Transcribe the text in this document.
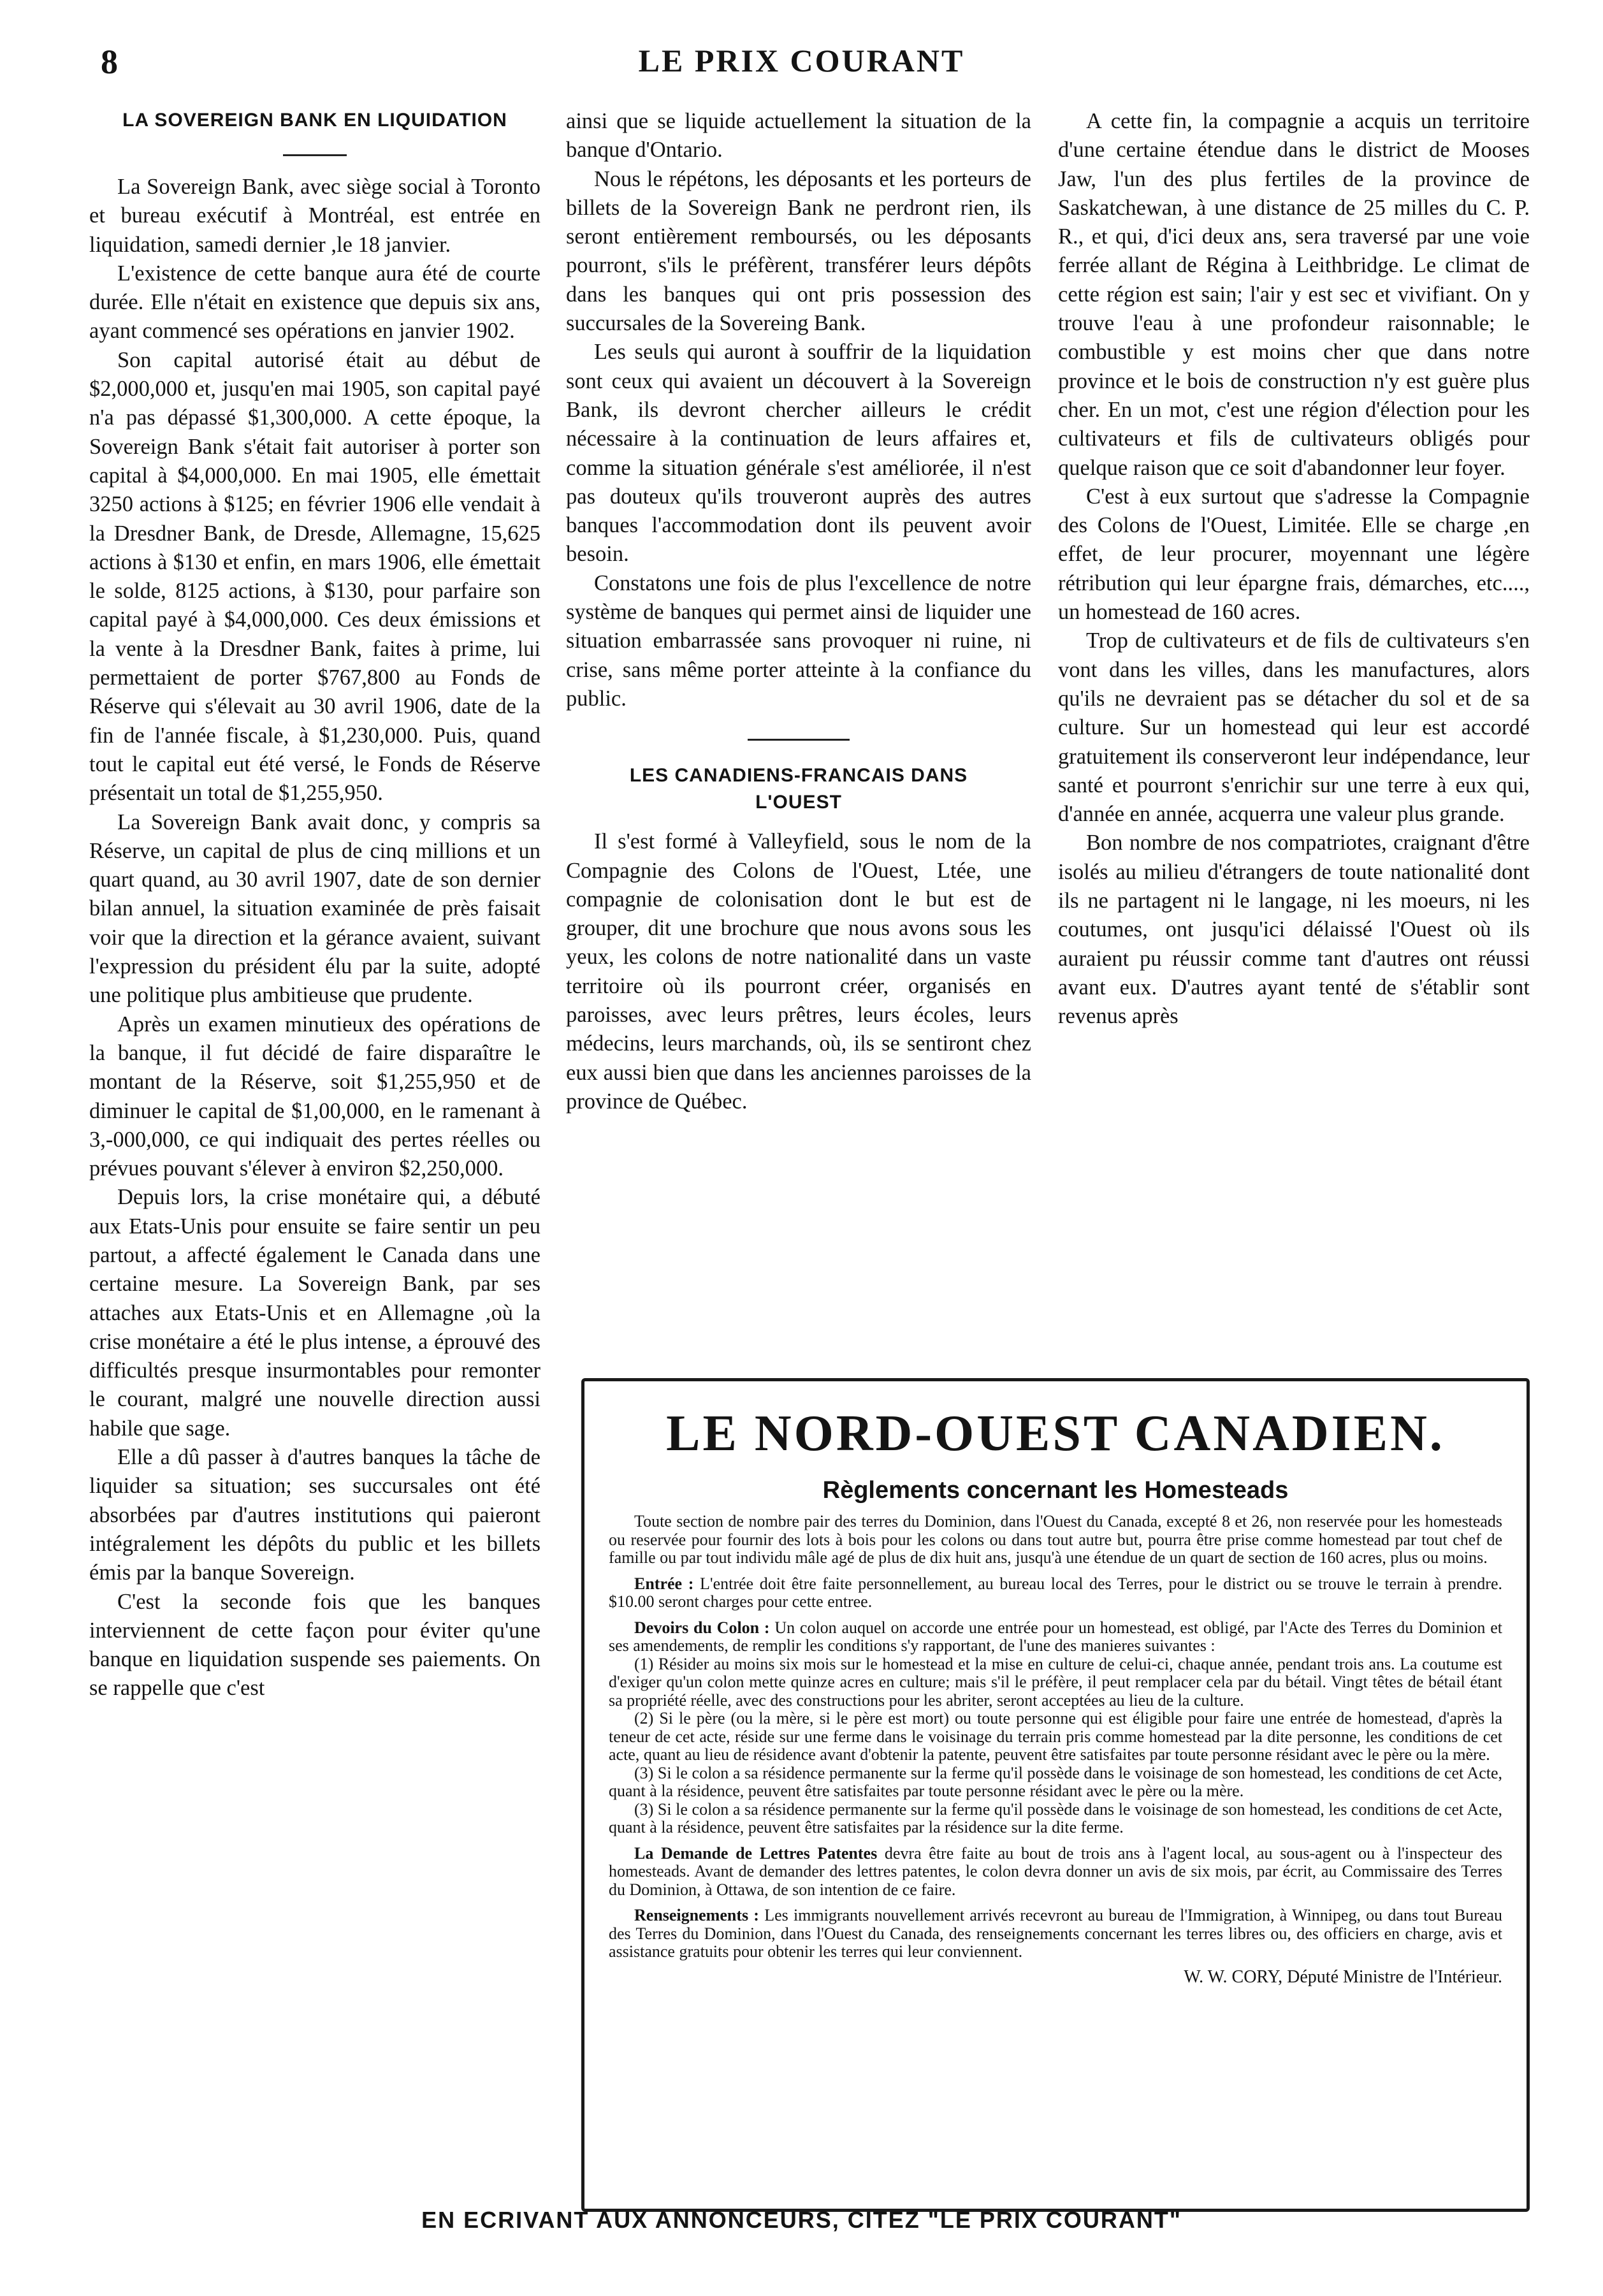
8	LE PRIX COURANT
LA SOVEREIGN BANK EN LIQUIDATION

La Sovereign Bank, avec siège social à Toronto et bureau exécutif à Montréal, est entrée en liquidation, samedi dernier ,le 18 janvier.

L'existence de cette banque aura été de courte durée. Elle n'était en existence que depuis six ans, ayant commencé ses opérations en janvier 1902.

Son capital autorisé était au début de $2,000,000 et, jusqu'en mai 1905, son capital payé n'a pas dépassé $1,300,000. A cette époque, la Sovereign Bank s'était fait autoriser à porter son capital à $4,000,000. En mai 1905, elle émettait 3250 actions à $125; en février 1906 elle vendait à la Dresdner Bank, de Dresde, Allemagne, 15,625 actions à $130 et enfin, en mars 1906, elle émettait le solde, 8125 actions, à $130, pour parfaire son capital payé à $4,000,000. Ces deux émissions et la vente à la Dresdner Bank, faites à prime, lui permettaient de porter $767,800 au Fonds de Réserve qui s'élevait au 30 avril 1906, date de la fin de l'année fiscale, à $1,230,000. Puis, quand tout le capital eut été versé, le Fonds de Réserve présentait un total de $1,255,950.

La Sovereign Bank avait donc, y compris sa Réserve, un capital de plus de cinq millions et un quart quand, au 30 avril 1907, date de son dernier bilan annuel, la situation examinée de près faisait voir que la direction et la gérance avaient, suivant l'expression du président élu par la suite, adopté une politique plus ambitieuse que prudente.

Après un examen minutieux des opérations de la banque, il fut décidé de faire disparaître le montant de la Réserve, soit $1,255,950 et de diminuer le capital de $1,00,000, en le ramenant à 3,-000,000, ce qui indiquait des pertes réelles ou prévues pouvant s'élever à environ $2,250,000.

Depuis lors, la crise monétaire qui, a débuté aux Etats-Unis pour ensuite se faire sentir un peu partout, a affecté également le Canada dans une certaine mesure. La Sovereign Bank, par ses attaches aux Etats-Unis et en Allemagne ,où la crise monétaire a été le plus intense, a éprouvé des difficultés presque insurmontables pour remonter le courant, malgré une nouvelle direction aussi habile que sage.

Elle a dû passer à d'autres banques la tâche de liquider sa situation; ses succursales ont été absorbées par d'autres institutions qui paieront intégralement les dépôts du public et les billets émis par la banque Sovereign.

C'est la seconde fois que les banques interviennent de cette façon pour éviter qu'une banque en liquidation suspende ses paiements. On se rappelle que c'est

ainsi que se liquide actuellement la situation de la banque d'Ontario.

Nous le répétons, les déposants et les porteurs de billets de la Sovereign Bank ne perdront rien, ils seront entièrement remboursés, ou les déposants pourront, s'ils le préfèrent, transférer leurs dépôts dans les banques qui ont pris possession des succursales de la Sovereing Bank.

Les seuls qui auront à souffrir de la liquidation sont ceux qui avaient un découvert à la Sovereign Bank, ils devront chercher ailleurs le crédit nécessaire à la continuation de leurs affaires et, comme la situation générale s'est améliorée, il n'est pas douteux qu'ils trouveront auprès des autres banques l'accommodation dont ils peuvent avoir besoin.

Constatons une fois de plus l'excellence de notre système de banques qui permet ainsi de liquider une situation embarrassée sans provoquer ni ruine, ni crise, sans même porter atteinte à la confiance du public.

LES CANADIENS-FRANCAIS DANS L'OUEST

Il s'est formé à Valleyfield, sous le nom de la Compagnie des Colons de l'Ouest, Ltée, une compagnie de colonisation dont le but est de grouper, dit une brochure que nous avons sous les yeux, les colons de notre nationalité dans un vaste territoire où ils pourront créer, organisés en paroisses, avec leurs prêtres, leurs écoles, leurs médecins, leurs marchands, où, ils se sentiront chez eux aussi bien que dans les anciennes paroisses de la province de Québec.

A cette fin, la compagnie a acquis un territoire d'une certaine étendue dans le district de Mooses Jaw, l'un des plus fertiles de la province de Saskatchewan, à une distance de 25 milles du C. P. R., et qui, d'ici deux ans, sera traversé par une voie ferrée allant de Régina à Leithbridge. Le climat de cette région est sain; l'air y est sec et vivifiant. On y trouve l'eau à une profondeur raisonnable; le combustible y est moins cher que dans notre province et le bois de construction n'y est guère plus cher. En un mot, c'est une région d'élection pour les cultivateurs et fils de cultivateurs obligés pour quelque raison que ce soit d'abandonner leur foyer.

C'est à eux surtout que s'adresse la Compagnie des Colons de l'Ouest, Limitée. Elle se charge ,en effet, de leur procurer, moyennant une légère rétribution qui leur épargne frais, démarches, etc...., un homestead de 160 acres.

Trop de cultivateurs et de fils de cultivateurs s'en vont dans les villes, dans les manufactures, alors qu'ils ne devraient pas se détacher du sol et de sa culture. Sur un homestead qui leur est accordé gratuitement ils conserveront leur indépendance, leur santé et pourront s'enrichir sur une terre à eux qui, d'année en année, acquerra une valeur plus grande.

Bon nombre de nos compatriotes, craignant d'être isolés au milieu d'étrangers de toute nationalité dont ils ne partagent ni le langage, ni les moeurs, ni les coutumes, ont jusqu'ici délaissé l'Ouest où ils auraient pu réussir comme tant d'autres ont réussi avant eux. D'autres ayant tenté de s'établir sont revenus après

LE NORD-OUEST CANADIEN.
Règlements concernant les Homesteads

Toute section de nombre pair des terres du Dominion, dans l'Ouest du Canada, excepté 8 et 26, non reservée pour les homesteads ou reservée pour fournir des lots à bois pour les colons ou dans tout autre but, pourra être prise comme homestead par tout chef de famille ou par tout individu mâle agé de plus de dix huit ans, jusqu'à une étendue de un quart de section de 160 acres, plus ou moins.

Entrée : L'entrée doit être faite personnellement, au bureau local des Terres, pour le district ou se trouve le terrain à prendre. $10.00 seront charges pour cette entree.

Devoirs du Colon : Un colon auquel on accorde une entrée pour un homestead, est obligé, par l'Acte des Terres du Dominion et ses amendements, de remplir les conditions s'y rapportant, de l'une des manieres suivantes :

(1) Résider au moins six mois sur le homestead et la mise en culture de celui-ci, chaque année, pendant trois ans. La coutume est d'exiger qu'un colon mette quinze acres en culture; mais s'il le préfère, il peut remplacer cela par du bétail. Vingt têtes de bétail étant sa propriété réelle, avec des constructions pour les abriter, seront acceptées au lieu de la culture.

(2) Si le père (ou la mère, si le père est mort) ou toute personne qui est éligible pour faire une entrée de homestead, d'après la teneur de cet acte, réside sur une ferme dans le voisinage du terrain pris comme homestead par la dite personne, les conditions de cet acte, quant au lieu de résidence avant d'obtenir la patente, peuvent être satisfaites par toute personne résidant avec le père ou la mère.

(3) Si le colon a sa résidence permanente sur la ferme qu'il possède dans le voisinage de son homestead, les conditions de cet Acte, quant à la résidence, peuvent être satisfaites par toute personne résidant avec le père ou la mère.

(3) Si le colon a sa résidence permanente sur la ferme qu'il possède dans le voisinage de son homestead, les conditions de cet Acte, quant à la résidence, peuvent être satisfaites par la résidence sur la dite ferme.

La Demande de Lettres Patentes devra être faite au bout de trois ans à l'agent local, au sous-agent ou à l'inspecteur des homesteads. Avant de demander des lettres patentes, le colon devra donner un avis de six mois, par écrit, au Commissaire des Terres du Dominion, à Ottawa, de son intention de ce faire.

Renseignements : Les immigrants nouvellement arrivés recevront au bureau de l'Immigration, à Winnipeg, ou dans tout Bureau des Terres du Dominion, dans l'Ouest du Canada, des renseignements concernant les terres libres ou, des officiers en charge, avis et assistance gratuits pour obtenir les terres qui leur conviennent.

W. W. CORY, Député Ministre de l'Intérieur.
EN ECRIVANT AUX ANNONCEURS, CITEZ "LE PRIX COURANT"
